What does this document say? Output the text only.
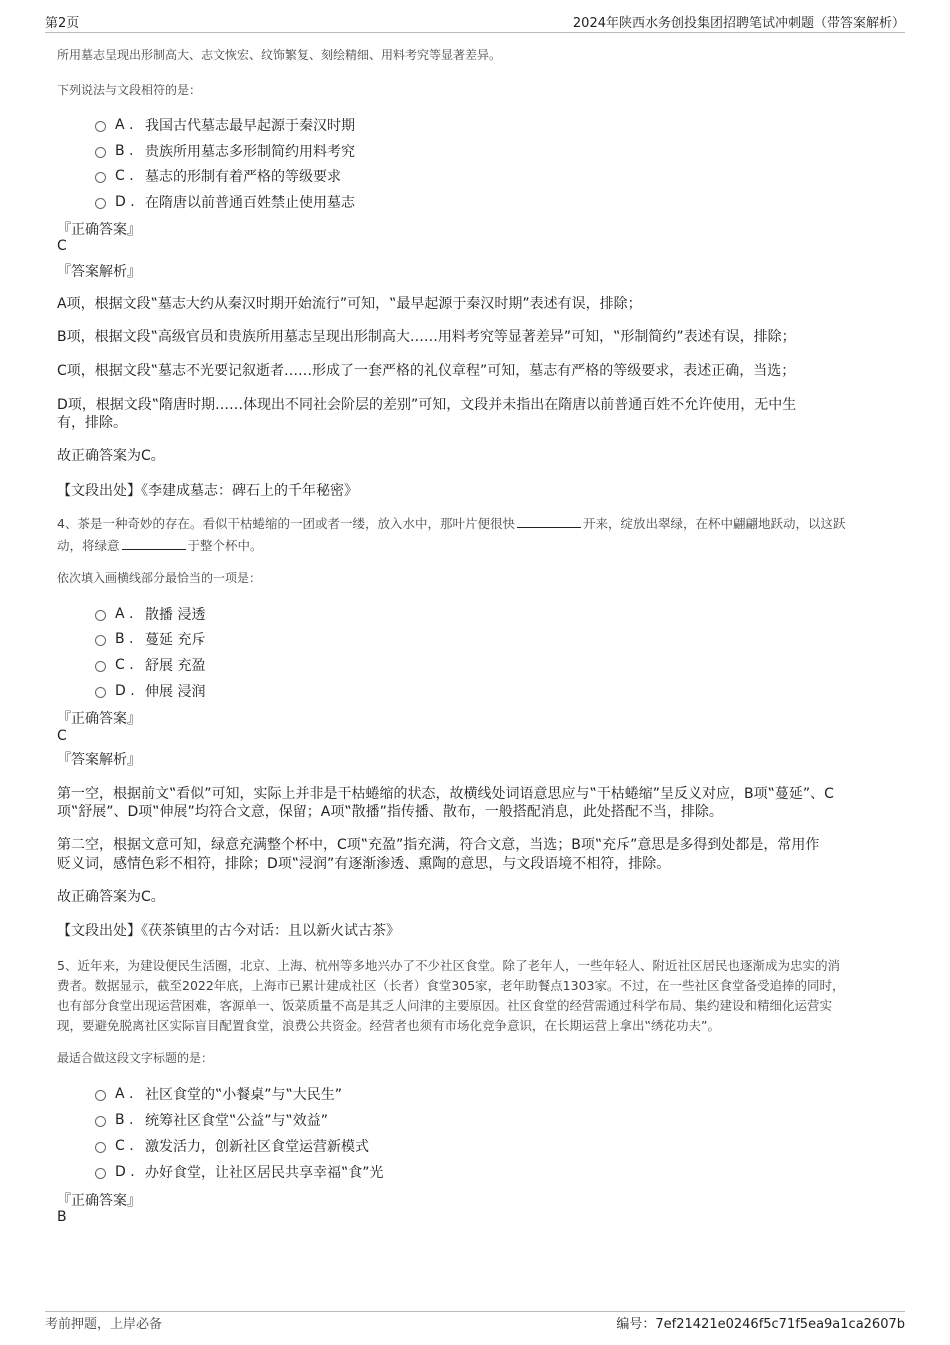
第2页	2024年陕西水务创投集团招聘笔试冲刺题（带答案解析）
所用墓志呈现出形制高大、志文恢宏、纹饰繁复、刻绘精细、用料考究等显著差异。
下列说法与文段相符的是：
A . 我国古代墓志最早起源于秦汉时期
B . 贵族所用墓志多形制简约用料考究
C . 墓志的形制有着严格的等级要求
D . 在隋唐以前普通百姓禁止使用墓志
『正确答案』
C
『答案解析』
A项，根据文段‟墓志大约从秦汉时期开始流行”可知，‟最早起源于秦汉时期”表述有误，排除；
B项，根据文段‟高级官员和贵族所用墓志呈现出形制高大……用料考究等显著差异”可知，‟形制简约”表述有误，排除；
C项，根据文段‟墓志不光要记叙逝者……形成了一套严格的礼仪章程”可知，墓志有严格的等级要求，表述正确，当选；
D项，根据文段‟隋唐时期……体现出不同社会阶层的差别”可知，文段并未指出在隋唐以前普通百姓不允许使用，无中生
有，排除。
故正确答案为C。
【文段出处】《李建成墓志：碑石上的千年秘密》
4、茶是一种奇妙的存在。看似干枯蜷缩的一团或者一缕，放入水中，那叶片便很快	开来，绽放出翠绿，在杯中翩翩地跃动，以这跃
动，将绿意	于整个杯中。
依次填入画横线部分最恰当的一项是：
A . 散播 浸透
B . 蔓延 充斥
C . 舒展 充盈
D . 伸展 浸润
『正确答案』
C
『答案解析』
第一空，根据前文‟看似”可知，实际上并非是干枯蜷缩的状态，故横线处词语意思应与‟干枯蜷缩”呈反义对应，B项‟蔓延”、C
项‟舒展”、D项‟伸展”均符合文意，保留；A项‟散播”指传播、散布，一般搭配消息，此处搭配不当，排除。
第二空，根据文意可知，绿意充满整个杯中，C项‟充盈”指充满，符合文意，当选；B项‟充斥”意思是多得到处都是，常用作
贬义词，感情色彩不相符，排除；D项‟浸润”有逐渐渗透、熏陶的意思，与文段语境不相符，排除。
故正确答案为C。
【文段出处】《茯茶镇里的古今对话：且以新火试古茶》
5、近年来，为建设便民生活圈，北京、上海、杭州等多地兴办了不少社区食堂。除了老年人，一些年轻人、附近社区居民也逐渐成为忠实的消
费者。数据显示，截至2022年底，上海市已累计建成社区（长者）食堂305家，老年助餐点1303家。不过，在一些社区食堂备受追捧的同时，
也有部分食堂出现运营困难，客源单一、饭菜质量不高是其乏人问津的主要原因。社区食堂的经营需通过科学布局、集约建设和精细化运营实
现，要避免脱离社区实际盲目配置食堂，浪费公共资金。经营者也须有市场化竞争意识，在长期运营上拿出‟绣花功夫”。
最适合做这段文字标题的是：
A . 社区食堂的‟小餐桌”与‟大民生”
B . 统筹社区食堂‟公益”与‟效益”
C . 激发活力，创新社区食堂运营新模式
D . 办好食堂，让社区居民共享幸福‟食”光
『正确答案』
B
考前押题，上岸必备	编号：7ef21421e0246f5c71f5ea9a1ca2607b
